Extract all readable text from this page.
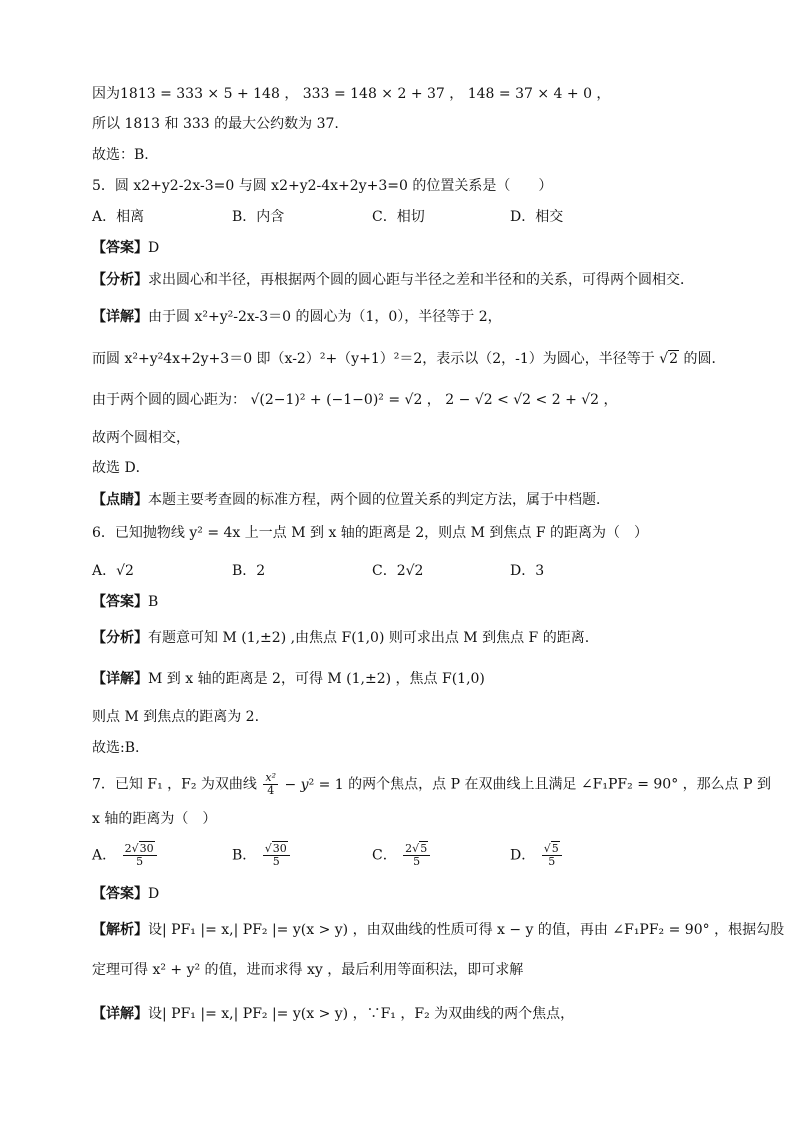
因为1813 = 333 × 5 + 148 ， 333 = 148 × 2 + 37 ， 148 = 37 × 4 + 0 ，
所以 1813 和 333 的最大公约数为 37.
故选：B.
5．圆 x2+y2-2x-3=0 与圆 x2+y2-4x+2y+3=0 的位置关系是（　　）
A．相离	B．内含	C．相切	D．相交
【答案】D
【分析】求出圆心和半径，再根据两个圆的圆心距与半径之差和半径和的关系，可得两个圆相交．
【详解】由于圆 x²+y²-2x-3＝0 的圆心为（1，0），半径等于 2，
而圆 x²+y²4x+2y+3＝0 即（x-2）²+（y+1）²＝2，表示以（2，-1）为圆心，半径等于 √2 的圆．
由于两个圆的圆心距为： √(2−1)² + (−1−0)² = √2 ， 2 − √2 < √2 < 2 + √2 ，
故两个圆相交，
故选 D．
【点睛】本题主要考查圆的标准方程，两个圆的位置关系的判定方法，属于中档题．
6．已知抛物线 y² = 4x 上一点 M 到 x 轴的距离是 2，则点 M 到焦点 F 的距离为（　）
A．√2	B．2	C．2√2	D．3
【答案】B
【分析】有题意可知 M (1,±2) ,由焦点 F(1,0) 则可求出点 M 到焦点 F 的距离.
【详解】M 到 x 轴的距离是 2，可得 M (1,±2) ，焦点 F(1,0)
则点 M 到焦点的距离为 2.
故选:B.
7．已知 F₁ ，F₂ 为双曲线 $\frac{\text{x²}}{4} - y^2 = 1$ 的两个焦点，点 P 在双曲线上且满足 ∠F₁PF₂ = 90° ，那么点 P 到
x 轴的距离为（　）
A． $\frac{2√30}{5}$	B． $\frac{√30}{5}$	C． $\frac{2√5}{5}$	D． $\frac{√5}{5}$
【答案】D
【解析】设| PF₁ |= x,| PF₂ |= y(x > y) ，由双曲线的性质可得 x − y 的值，再由 ∠F₁PF₂ = 90° ，根据勾股
定理可得 x² + y² 的值，进而求得 xy ，最后利用等面积法，即可求解
【详解】设| PF₁ |= x,| PF₂ |= y(x > y) ，∵F₁ ，F₂ 为双曲线的两个焦点，
